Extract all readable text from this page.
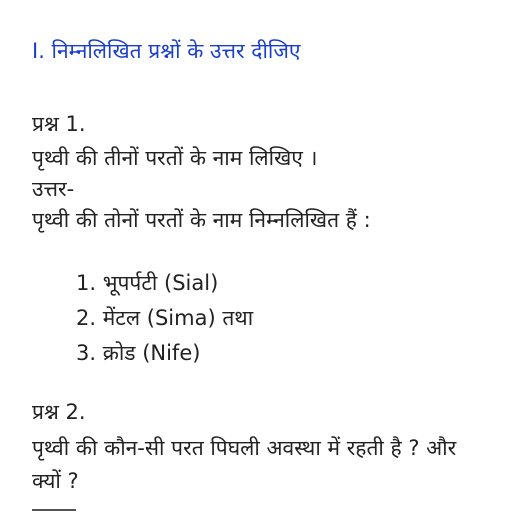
I. निम्नलिखित प्रश्नों के उत्तर दीजिए
प्रश्न 1.
पृथ्वी की तीनों परतों के नाम लिखिए ।
उत्तर-
पृथ्वी की तोनों परतों के नाम निम्नलिखित हैं :
1. भूपर्पटी (Sial)
2. मेंटल (Sima) तथा
3. क्रोड (Nife)
प्रश्न 2.
पृथ्वी की कौन-सी परत पिघली अवस्था में रहती है ? और
क्यों ?
